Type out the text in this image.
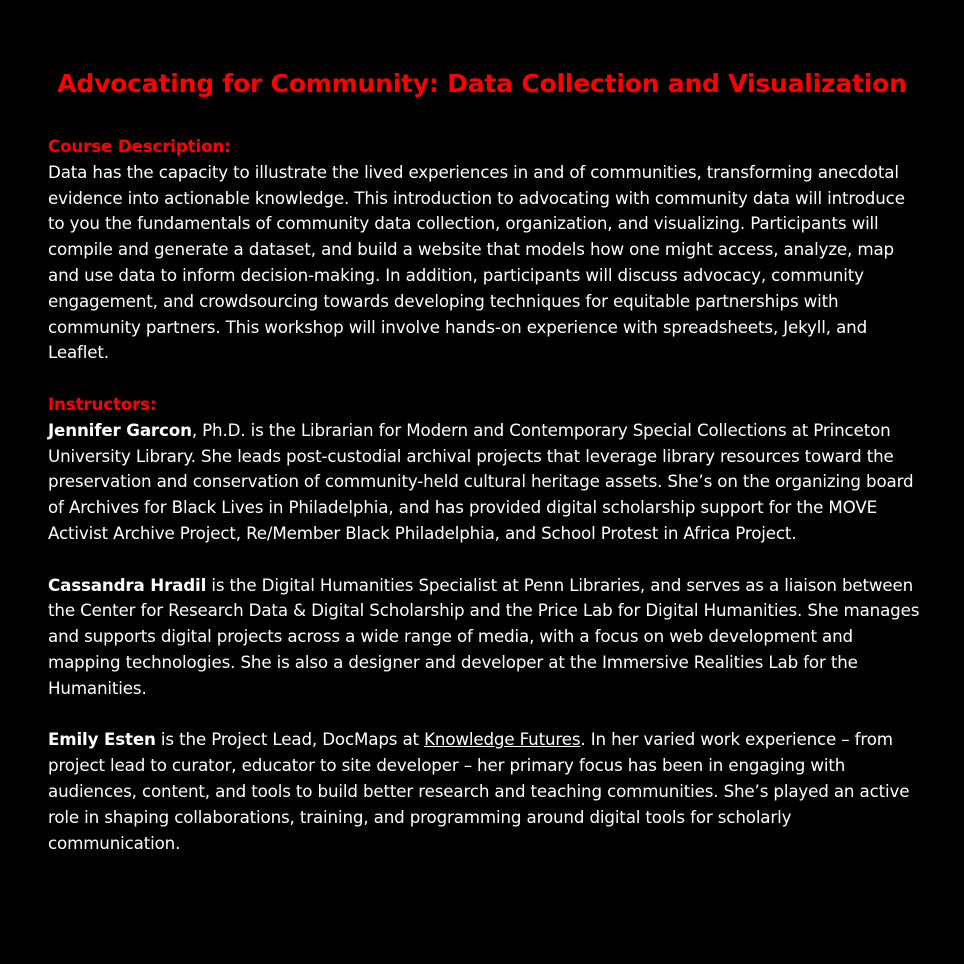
Advocating for Community: Data Collection and Visualization
Course Description:

Data has the capacity to illustrate the lived experiences in and of communities, transforming anecdotal evidence into actionable knowledge. This introduction to advocating with community data will introduce to you the fundamentals of community data collection, organization, and visualizing. Participants will compile and generate a dataset, and build a website that models how one might access, analyze, map and use data to inform decision-making. In addition, participants will discuss advocacy, community engagement, and crowdsourcing towards developing techniques for equitable partnerships with community partners. This workshop will involve hands-on experience with spreadsheets, Jekyll, and Leaflet.

Instructors:

Jennifer Garcon, Ph.D. is the Librarian for Modern and Contemporary Special Collections at Princeton University Library. She leads post-custodial archival projects that leverage library resources toward the preservation and conservation of community-held cultural heritage assets. She’s on the organizing board of Archives for Black Lives in Philadelphia, and has provided digital scholarship support for the MOVE Activist Archive Project, Re/Member Black Philadelphia, and School Protest in Africa Project.

Cassandra Hradil is the Digital Humanities Specialist at Penn Libraries, and serves as a liaison between the Center for Research Data & Digital Scholarship and the Price Lab for Digital Humanities. She manages and supports digital projects across a wide range of media, with a focus on web development and mapping technologies. She is also a designer and developer at the Immersive Realities Lab for the Humanities.

Emily Esten is the Project Lead, DocMaps at Knowledge Futures. In her varied work experience – from project lead to curator, educator to site developer – her primary focus has been in engaging with audiences, content, and tools to build better research and teaching communities. She’s played an active role in shaping collaborations, training, and programming around digital tools for scholarly communication.
